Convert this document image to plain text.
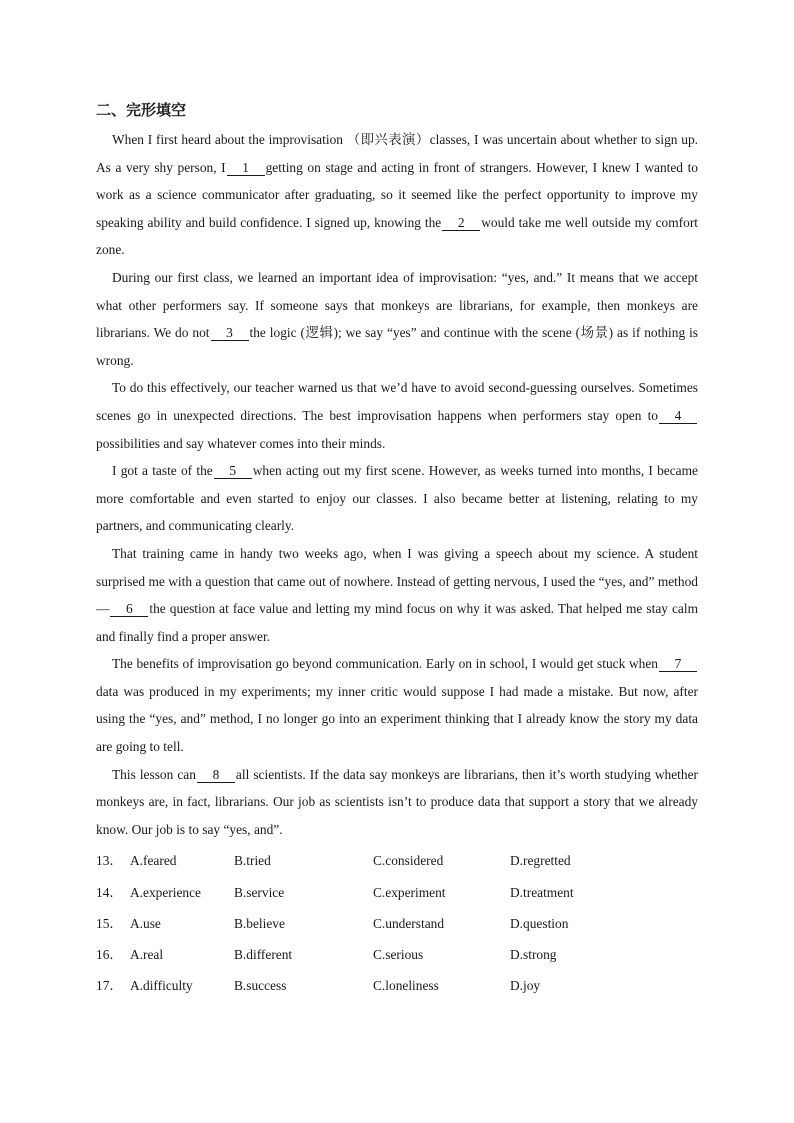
二、完形填空

When I first heard about the improvisation （即兴表演）classes, I was uncertain about whether to sign up. As a very shy person, I 1 getting on stage and acting in front of strangers. However, I knew I wanted to work as a science communicator after graduating, so it seemed like the perfect opportunity to improve my speaking ability and build confidence. I signed up, knowing the 2 would take me well outside my comfort zone.

During our first class, we learned an important idea of improvisation: “yes, and.” It means that we accept what other performers say. If someone says that monkeys are librarians, for example, then monkeys are librarians. We do not 3 the logic (逻辑); we say “yes” and continue with the scene (场景) as if nothing is wrong.

To do this effectively, our teacher warned us that we’d have to avoid second-guessing ourselves. Sometimes scenes go in unexpected directions. The best improvisation happens when performers stay open to 4possibilities and say whatever comes into their minds.

I got a taste of the 5 when acting out my first scene. However, as weeks turned into months, I became more comfortable and even started to enjoy our classes. I also became better at listening, relating to my partners, and communicating clearly.

That training came in handy two weeks ago, when I was giving a speech about my science. A student surprised me with a question that came out of nowhere. Instead of getting nervous, I used the “yes, and” method — 6 the question at face value and letting my mind focus on why it was asked. That helped me stay calm and finally find a proper answer.

The benefits of improvisation go beyond communication. Early on in school, I would get stuck when 7data was produced in my experiments; my inner critic would suppose I had made a mistake. But now, after using the “yes, and” method, I no longer go into an experiment thinking that I already know the story my data are going to tell.

This lesson can 8 all scientists. If the data say monkeys are librarians, then it’s worth studying whether monkeys are, in fact, librarians. Our job as scientists isn’t to produce data that support a story that we already know. Our job is to say “yes, and”.

13． A.feared	B.tried	C.considered	D.regretted
14． A.experience	B.service	C.experiment	D.treatment
15． A.use	B.believe	C.understand	D.question
16． A.real	B.different	C.serious	D.strong
17． A.difficulty	B.success	C.loneliness	D.joy
